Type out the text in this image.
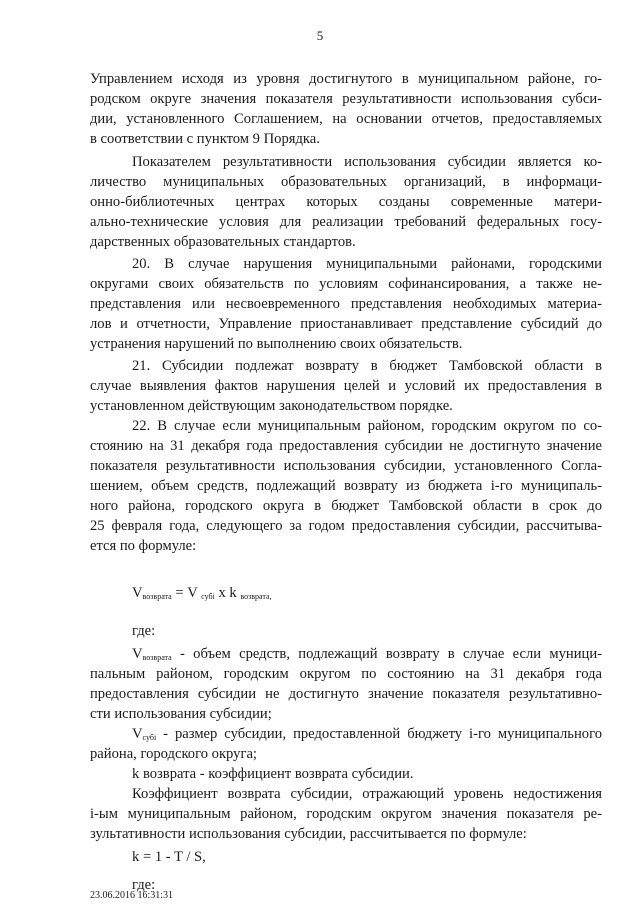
5
Управлением исходя из уровня достигнутого в муниципальном районе, го-
родском округе значения показателя результативности использования субси-
дии, установленного Соглашением, на основании отчетов, предоставляемых
в соответствии с пунктом 9 Порядка.
Показателем результативности использования субсидии является ко-
личество муниципальных образовательных организаций, в информаци-
онно-библиотечных центрах которых созданы современные матери-
ально-технические условия для реализации требований федеральных госу-
дарственных образовательных стандартов.
20. В случае нарушения муниципальными районами, городскими
округами своих обязательств по условиям софинансирования, а также не-
представления или несвоевременного представления необходимых материа-
лов и отчетности, Управление приостанавливает представление субсидий до
устранения нарушений по выполнению своих обязательств.
21. Субсидии подлежат возврату в бюджет Тамбовской области в
случае выявления фактов нарушения целей и условий их предоставления в
установленном действующим законодательством порядке.
22. В случае если муниципальным районом, городским округом по со-
стоянию на 31 декабря года предоставления субсидии не достигнуто значение
показателя результативности использования субсидии, установленного Согла-
шением, объем средств, подлежащий возврату из бюджета i-го муниципаль-
ного района, городского округа в бюджет Тамбовской области в срок до
25 февраля года, следующего за годом предоставления субсидии, рассчитыва-
ется по формуле:
$V_{возврата} = V$ $_{субi}$ x k $_{возврата,}$
где:
$V_{возврата}$ - объем средств, подлежащий возврату в случае если муници-
пальным районом, городским округом по состоянию на 31 декабря года
предоставления субсидии не достигнуто значение показателя результативно-
сти использования субсидии;
$V_{субi}$ - размер субсидии, предоставленной бюджету i-го муниципального
района, городского округа;
k возврата - коэффициент возврата субсидии.
Коэффициент возврата субсидии, отражающий уровень недостижения
i-ым муниципальным районом, городским округом значения показателя ре-
зультативности использования субсидии, рассчитывается по формуле:
k = 1 - T / S,
где:
23.06.2016 16:31:31
